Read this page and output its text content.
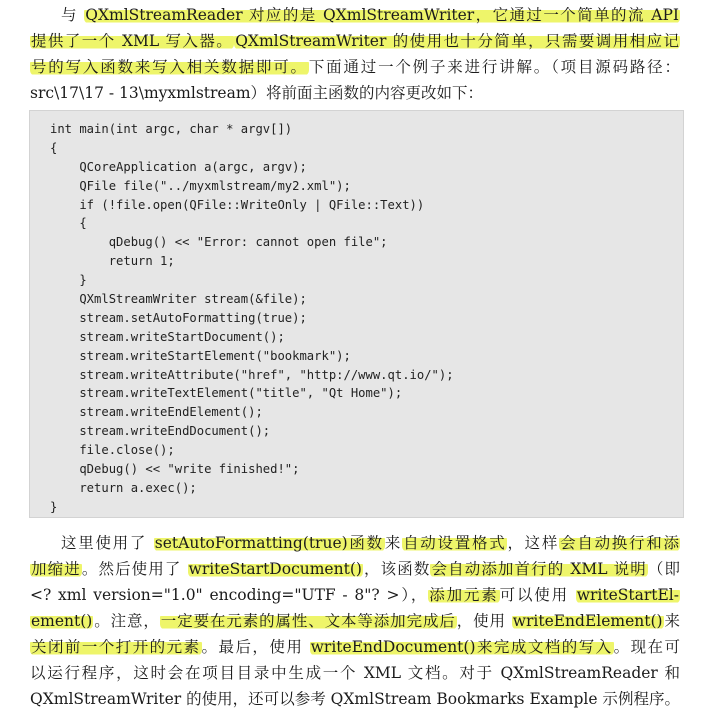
与 QXmlStreamReader 对应的是 QXmlStreamWriter，它通过一个简单的流 API
提供了一个 XML 写入器。 QXmlStreamWriter 的使用也十分简单，只需要调用相应记
号的写入函数来写入相关数据即可。下面通过一个例子来进行讲解。（项目源码路径：
src\17\17 - 13\myxmlstream）将前面主函数的内容更改如下：
int main(int argc, char * argv[])
{
QCoreApplication a(argc, argv);
QFile file("../myxmlstream/my2.xml");
if (!file.open(QFile::WriteOnly | QFile::Text))
{
qDebug() << "Error: cannot open file";
return 1;
}
QXmlStreamWriter stream(&file);
stream.setAutoFormatting(true);
stream.writeStartDocument();
stream.writeStartElement("bookmark");
stream.writeAttribute("href", "http://www.qt.io/");
stream.writeTextElement("title", "Qt Home");
stream.writeEndElement();
stream.writeEndDocument();
file.close();
qDebug() << "write finished!";
return a.exec();
}
这里使用了 setAutoFormatting(true)函数来自动设置格式，这样会自动换行和添
加缩进。然后使用了 writeStartDocument()，该函数会自动添加首行的 XML 说明（即
<? xml version="1.0" encoding="UTF - 8"? >），添加元素可以使用 writeStartEl-
ement()。注意，一定要在元素的属性、文本等添加完成后，使用 writeEndElement()来
关闭前一个打开的元素。最后，使用 writeEndDocument()来完成文档的写入。现在可
以运行程序，这时会在项目目录中生成一个 XML 文档。对于 QXmlStreamReader 和
QXmlStreamWriter 的使用，还可以参考 QXmlStream Bookmarks Example 示例程序。
